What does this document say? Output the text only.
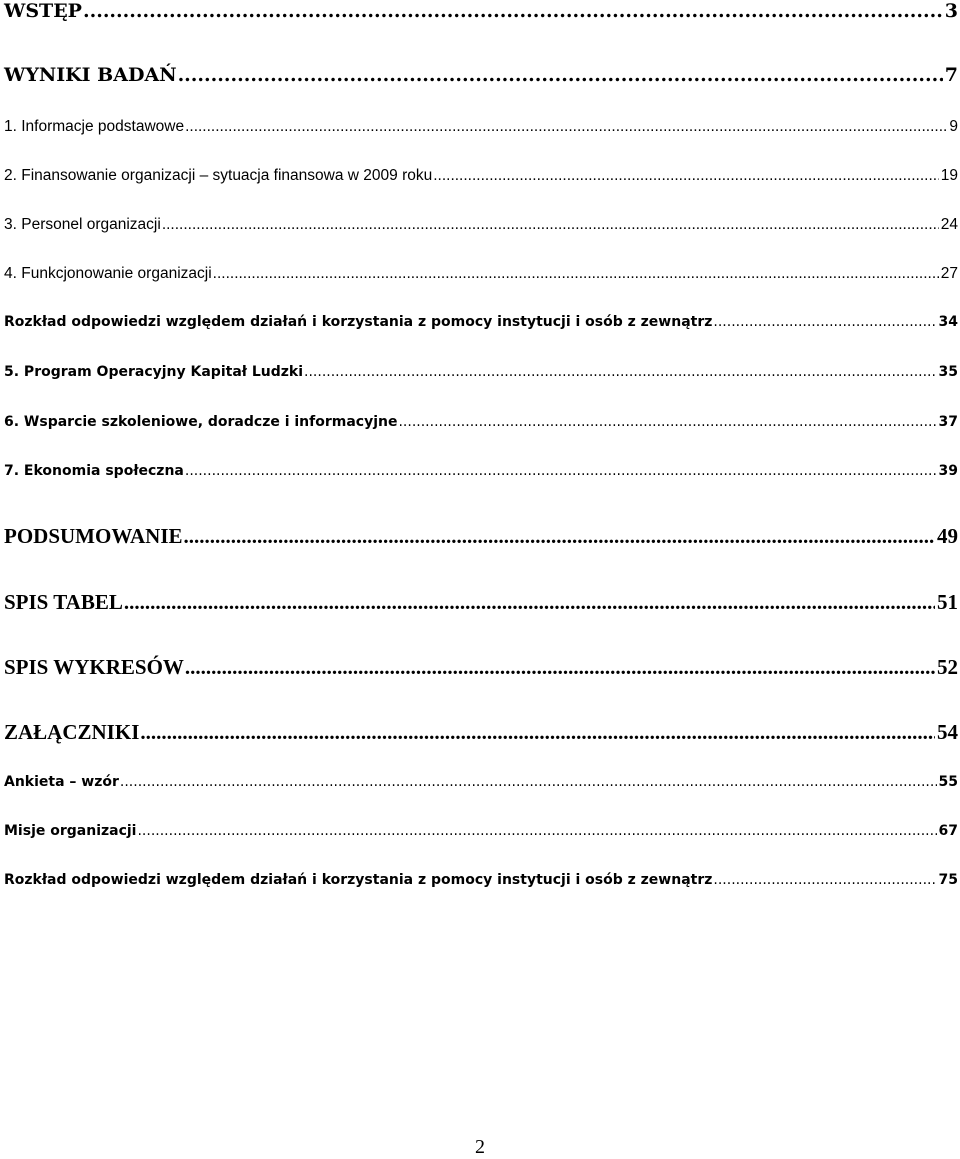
WSTĘP .....	3
WYNIKI BADAŃ .....	7
1. Informacje podstawowe .....	9
2. Finansowanie organizacji – sytuacja finansowa w 2009 roku .....	19
3. Personel organizacji .....	24
4. Funkcjonowanie organizacji .....	27
Rozkład odpowiedzi względem działań i korzystania z pomocy instytucji i osób z zewnątrz .....	34
5. Program Operacyjny Kapitał Ludzki .....	35
6. Wsparcie szkoleniowe, doradcze i informacyjne .....	37
7. Ekonomia społeczna .....	39
PODSUMOWANIE .....	49
SPIS TABEL .....	51
SPIS WYKRESÓW .....	52
ZAŁĄCZNIKI .....	54
Ankieta – wzór .....	55
Misje organizacji .....	67
Rozkład odpowiedzi względem działań i korzystania z pomocy instytucji i osób z zewnątrz .....	75
2
